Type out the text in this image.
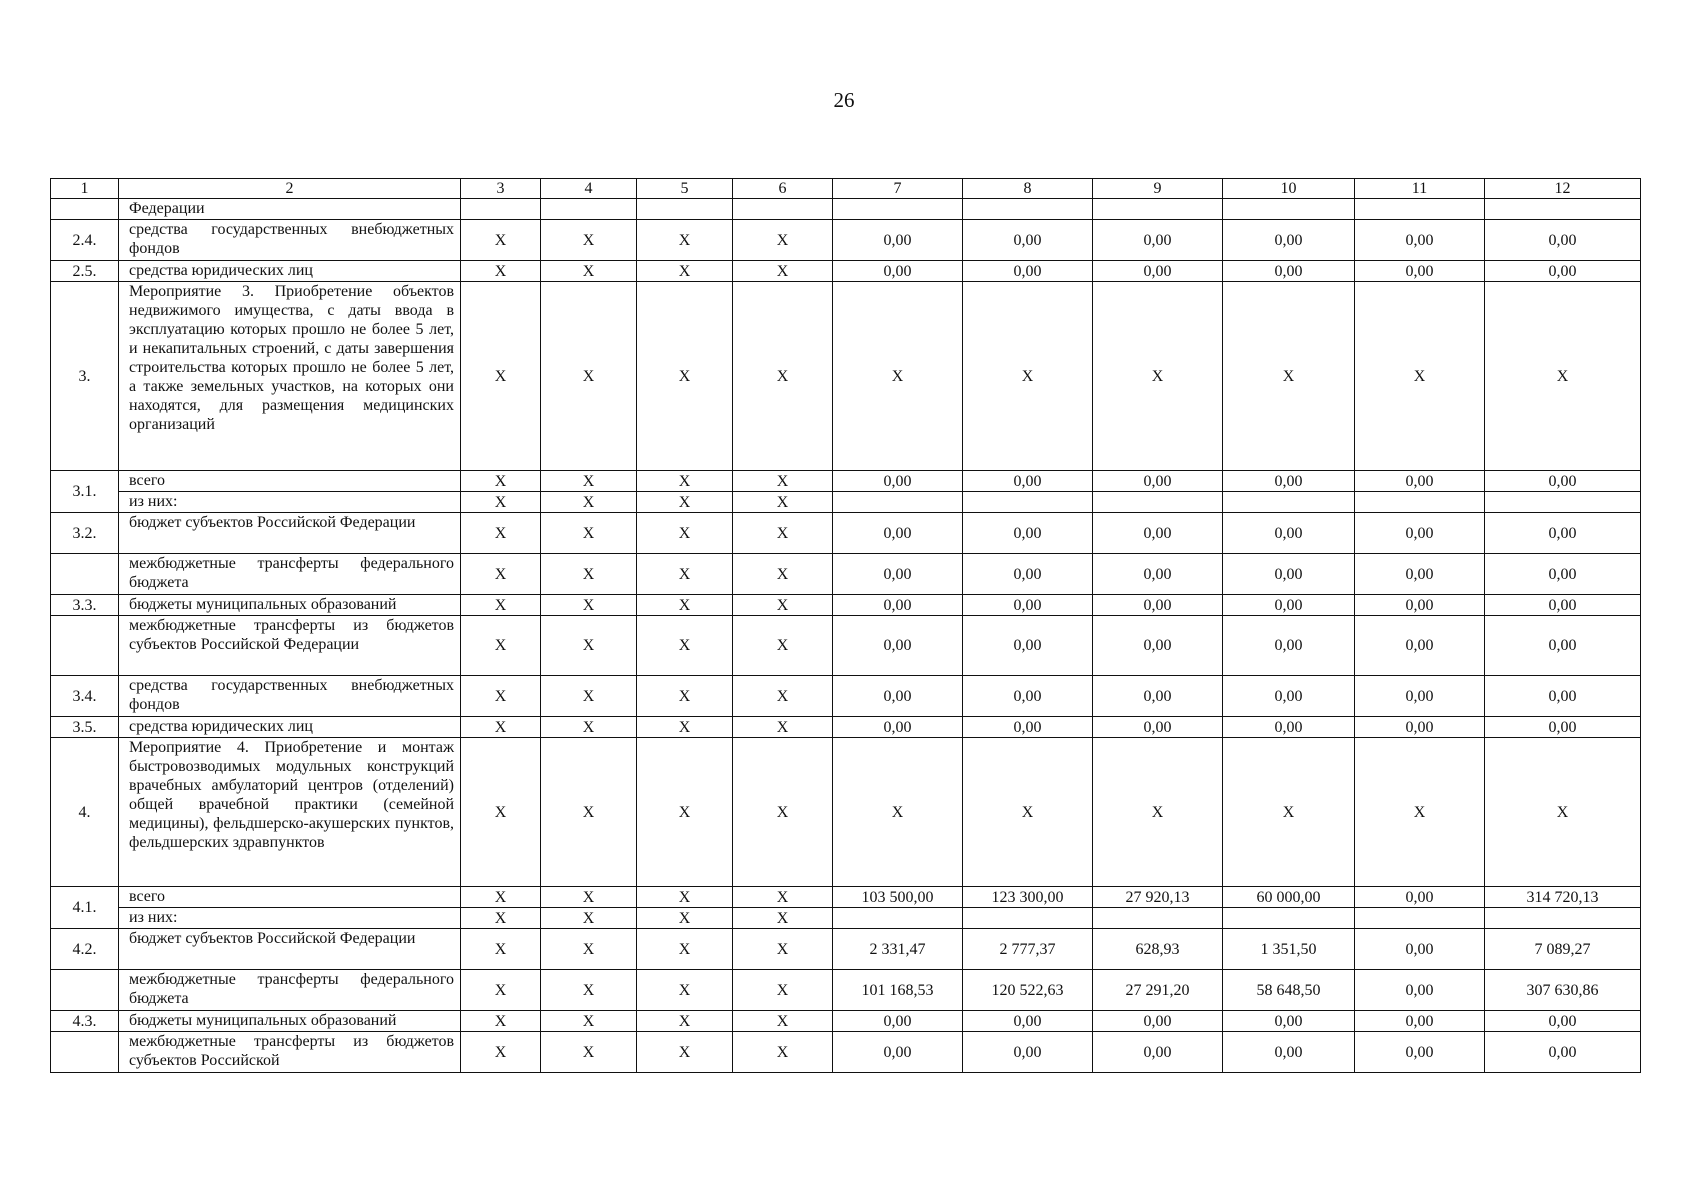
26
1	2	3	4	5	6	7	8	9	10	11	12
	Федерации										
2.4.	средства государственных внебюджетных фондов	X	X	X	X	0,00	0,00	0,00	0,00	0,00	0,00
2.5.	средства юридических лиц	X	X	X	X	0,00	0,00	0,00	0,00	0,00	0,00
3.	Мероприятие 3. Приобретение объектов недвижимого имущества, с даты ввода в эксплуатацию которых прошло не более 5 лет, и некапитальных строений, с даты завершения строительства которых прошло не более 5 лет, а также земельных участков, на которых они находятся, для размещения медицинских организаций	X	X	X	X	X	X	X	X	X	X
3.1.	всего	X	X	X	X	0,00	0,00	0,00	0,00	0,00	0,00
	из них:	X	X	X	X						
3.2.	бюджет субъектов Российской Федерации	X	X	X	X	0,00	0,00	0,00	0,00	0,00	0,00
	межбюджетные трансферты федерального бюджета	X	X	X	X	0,00	0,00	0,00	0,00	0,00	0,00
3.3.	бюджеты муниципальных образований	X	X	X	X	0,00	0,00	0,00	0,00	0,00	0,00
	межбюджетные трансферты из бюджетов субъектов Российской Федерации	X	X	X	X	0,00	0,00	0,00	0,00	0,00	0,00
3.4.	средства государственных внебюджетных фондов	X	X	X	X	0,00	0,00	0,00	0,00	0,00	0,00
3.5.	средства юридических лиц	X	X	X	X	0,00	0,00	0,00	0,00	0,00	0,00
4.	Мероприятие 4. Приобретение и монтаж быстровозводимых модульных конструкций врачебных амбулаторий центров (отделений) общей врачебной практики (семейной медицины), фельдшерско-акушерских пунктов, фельдшерских здравпунктов	X	X	X	X	X	X	X	X	X	X
4.1.	всего	X	X	X	X	103 500,00	123 300,00	27 920,13	60 000,00	0,00	314 720,13
	из них:	X	X	X	X						
4.2.	бюджет субъектов Российской Федерации	X	X	X	X	2 331,47	2 777,37	628,93	1 351,50	0,00	7 089,27
	межбюджетные трансферты федерального бюджета	X	X	X	X	101 168,53	120 522,63	27 291,20	58 648,50	0,00	307 630,86
4.3.	бюджеты муниципальных образований	X	X	X	X	0,00	0,00	0,00	0,00	0,00	0,00
	межбюджетные трансферты из бюджетов субъектов Российской	X	X	X	X	0,00	0,00	0,00	0,00	0,00	0,00
